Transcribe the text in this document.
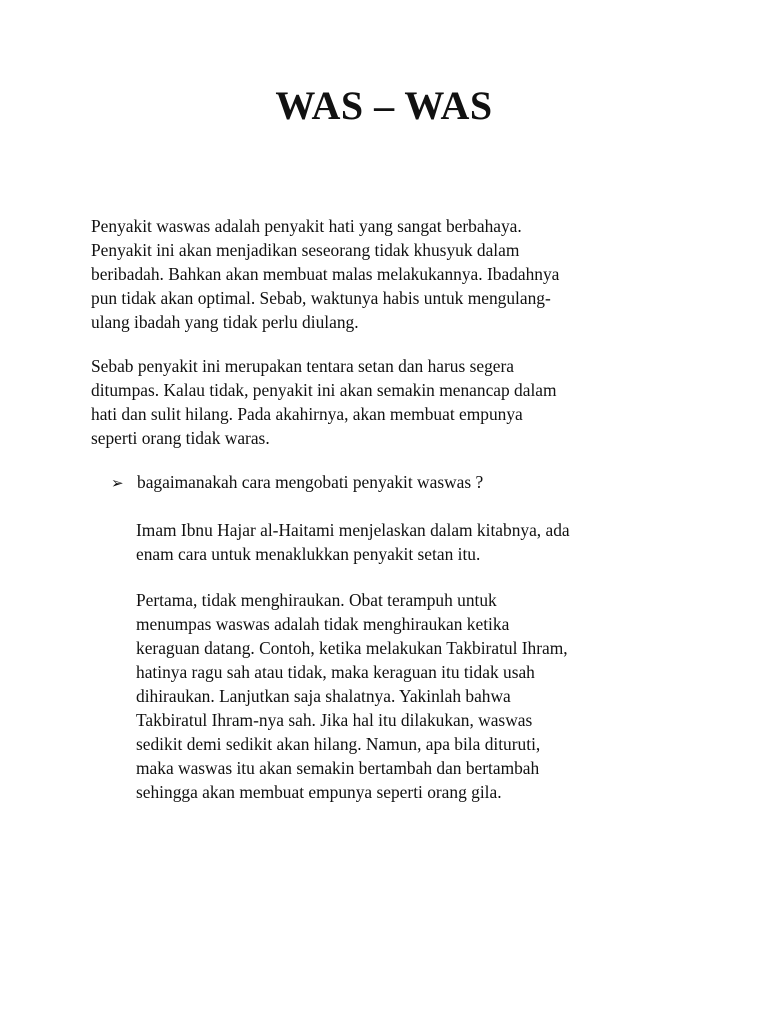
WAS – WAS

Penyakit waswas adalah penyakit hati yang sangat berbahaya.
Penyakit ini akan menjadikan seseorang tidak khusyuk dalam
beribadah. Bahkan akan membuat malas melakukannya. Ibadahnya
pun tidak akan optimal. Sebab, waktunya habis untuk mengulang-
ulang ibadah yang tidak perlu diulang.

Sebab penyakit ini merupakan tentara setan dan harus segera
ditumpas. Kalau tidak, penyakit ini akan semakin menancap dalam
hati dan sulit hilang. Pada akahirnya, akan membuat empunya
seperti orang tidak waras.

➢ bagaimanakah cara mengobati penyakit waswas ?

Imam Ibnu Hajar al-Haitami menjelaskan dalam kitabnya, ada
enam cara untuk menaklukkan penyakit setan itu.

Pertama, tidak menghiraukan. Obat terampuh untuk
menumpas waswas adalah tidak menghiraukan ketika
keraguan datang. Contoh, ketika melakukan Takbiratul Ihram,
hatinya ragu sah atau tidak, maka keraguan itu tidak usah
dihiraukan. Lanjutkan saja shalatnya. Yakinlah bahwa
Takbiratul Ihram-nya sah. Jika hal itu dilakukan, waswas
sedikit demi sedikit akan hilang. Namun, apa bila dituruti,
maka waswas itu akan semakin bertambah dan bertambah
sehingga akan membuat empunya seperti orang gila.
